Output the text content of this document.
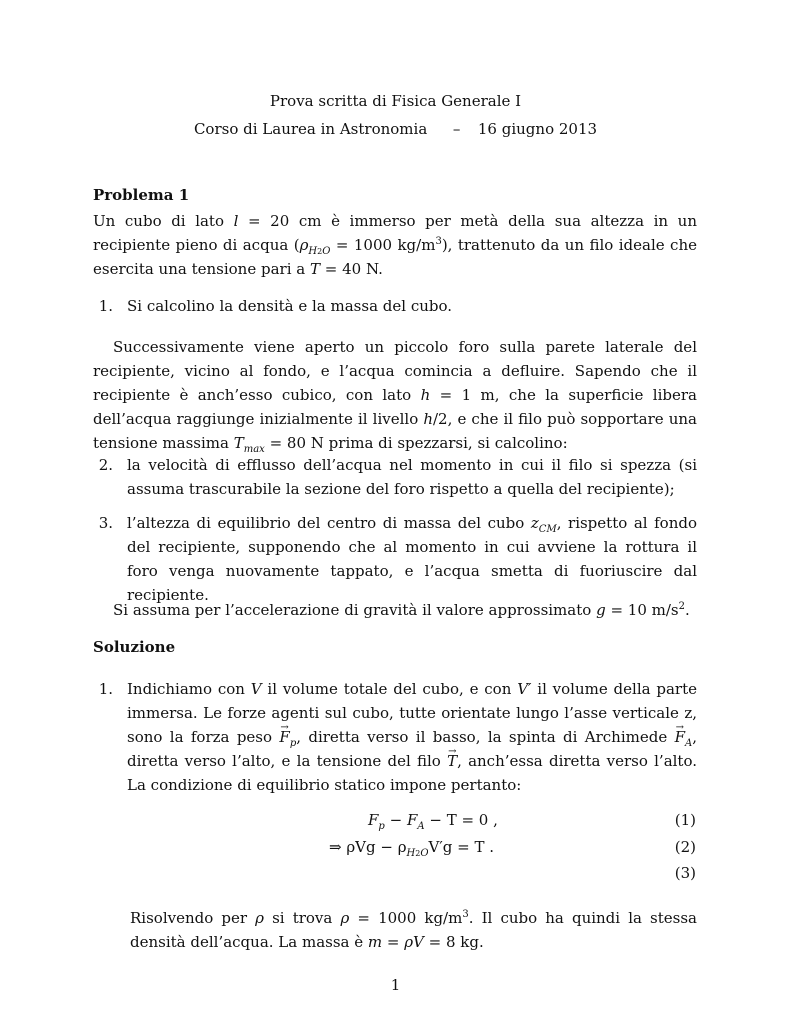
Prova scritta di Fisica Generale I
Corso di Laurea in Astronomia – 16 giugno 2013
Problema 1

Un cubo di lato l = 20 cm è immerso per metà della sua altezza in un recipiente pieno di acqua ($\rho_{H2O} = 1000$ $kg/m^3$), trattenuto da un filo ideale che esercita una tensione pari a T = 40 N.

1. Si calcolino la densità e la massa del cubo.

Successivamente viene aperto un piccolo foro sulla parete laterale del recipiente, vicino al fondo, e l’acqua comincia a defluire. Sapendo che il recipiente è anch’esso cubico, con lato h = 1 m, che la superficie libera dell’acqua raggiunge inizialmente il livello h/2, e che il filo può sopportare una tensione massima $T_{max} = 80$ N prima di spezzarsi, si calcolino:

2. la velocità di efflusso dell’acqua nel momento in cui il filo si spezza (si assuma trascurabile la sezione del foro rispetto a quella del recipiente);
3. l’altezza di equilibrio del centro di massa del cubo $z_{CM}$, rispetto al fondo del recipiente, supponendo che al momento in cui avviene la rottura il foro venga nuovamente tappato, e l’acqua smetta di fuoriuscire dal recipiente.

Si assuma per l’accelerazione di gravità il valore approssimato g = 10 $m/s^2$.

Soluzione
1. Indichiamo con V il volume totale del cubo, e con V′ il volume della parte immersa. Le forze agenti sul cubo, tutte orientate lungo l’asse verticale z, sono la forza peso → $F_p$, diretta verso il basso, la spinta di Archimede → $F_A$, diretta verso l’alto, e la tensione del filo → T, anch’essa diretta verso l’alto. La condizione di equilibrio statico impone pertanto:
$F_p - F_A - T = 0$ ,	(1)
⇒ $\rho Vg - \rho_{H2O}V'g = T$ .	(2)
(3)

Risolvendo per ρ si trova ρ = 1000 $kg/m^3$. Il cubo ha quindi la stessa densità dell’acqua. La massa è m = ρV = 8 kg.

1
